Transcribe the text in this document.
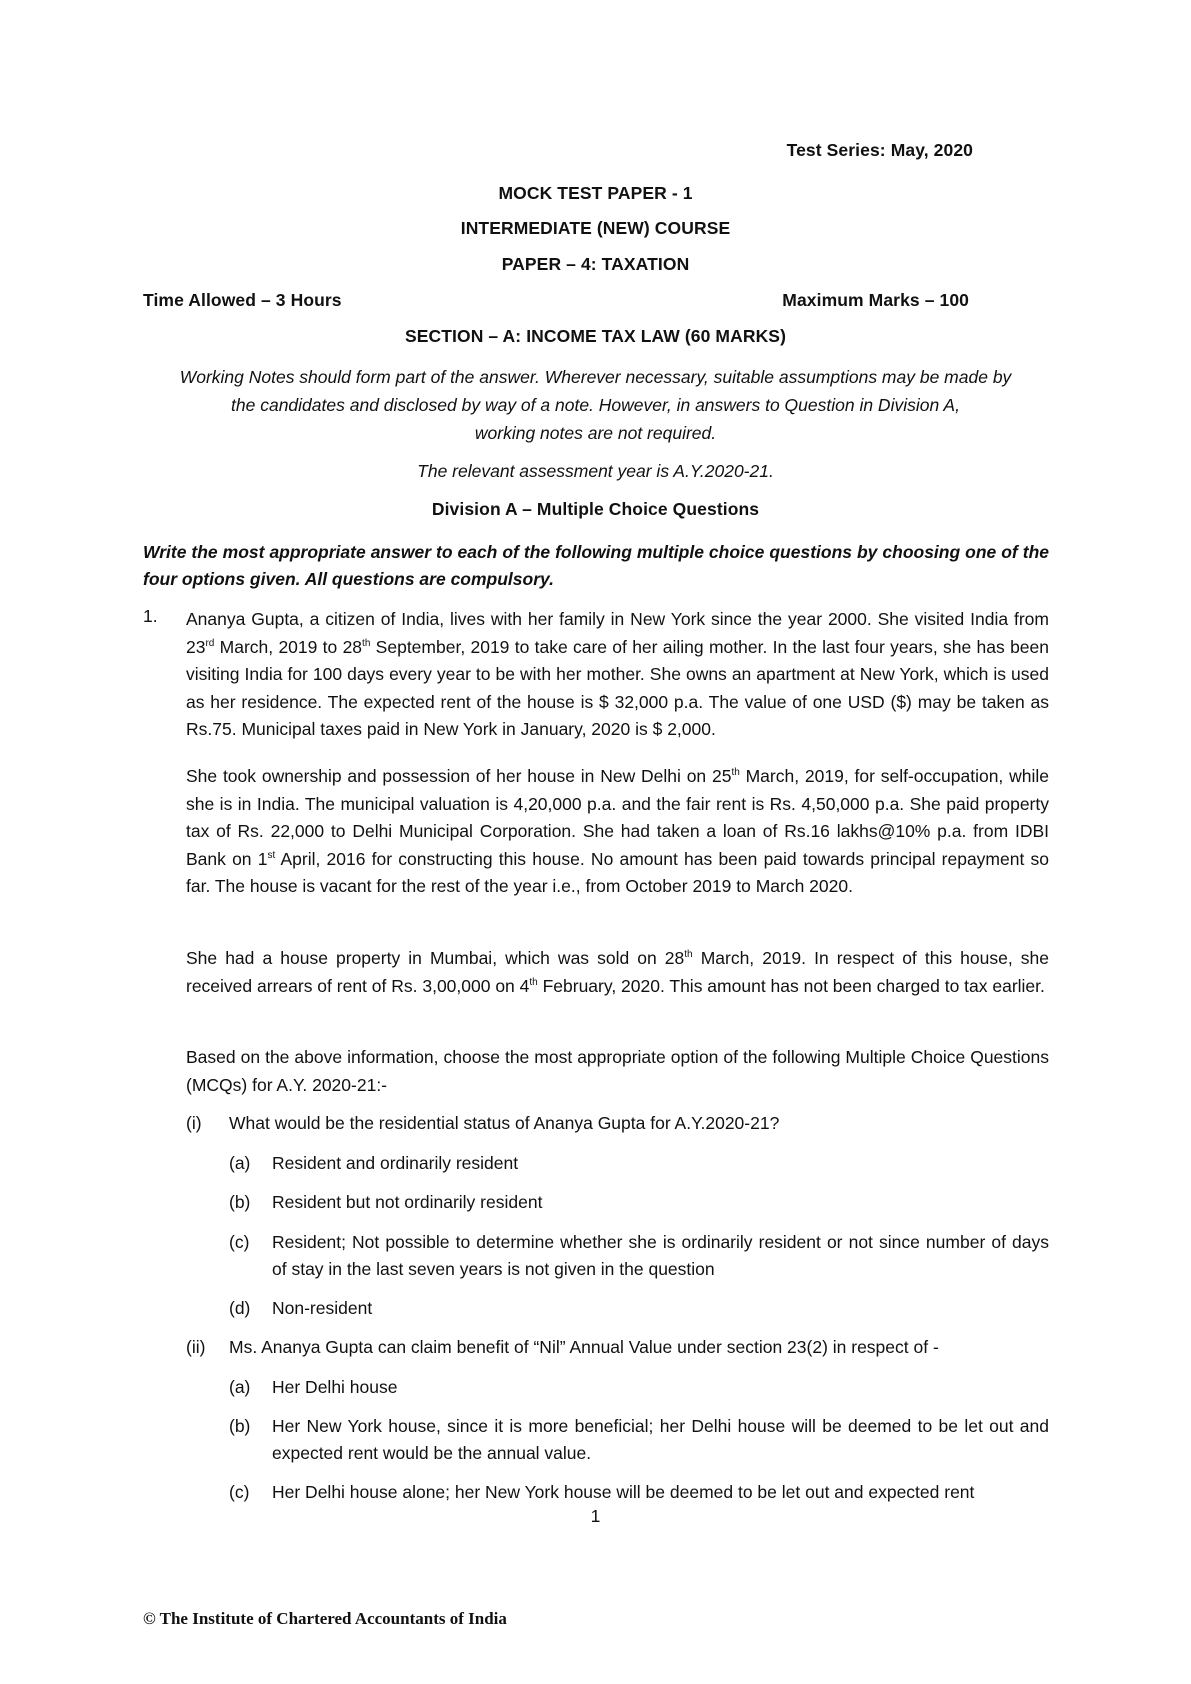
Test Series: May, 2020
MOCK TEST PAPER - 1
INTERMEDIATE (NEW) COURSE
PAPER – 4: TAXATION
Time Allowed – 3 Hours	Maximum Marks – 100
SECTION – A: INCOME TAX LAW (60 MARKS)
Working Notes should form part of the answer. Wherever necessary, suitable assumptions may be made by
the candidates and disclosed by way of a note. However, in answers to Question in Division A,
working notes are not required.
The relevant assessment year is A.Y.2020-21.
Division A – Multiple Choice Questions
Write the most appropriate answer to each of the following multiple choice questions by choosing one of the four options given. All questions are compulsory.
1. Ananya Gupta, a citizen of India, lives with her family in New York since the year 2000. She visited India from 23rd March, 2019 to 28th September, 2019 to take care of her ailing mother. In the last four years, she has been visiting India for 100 days every year to be with her mother. She owns an apartment at New York, which is used as her residence. The expected rent of the house is $ 32,000 p.a. The value of one USD ($) may be taken as Rs.75. Municipal taxes paid in New York in January, 2020 is $ 2,000.
She took ownership and possession of her house in New Delhi on 25th March, 2019, for self-occupation, while she is in India. The municipal valuation is 4,20,000 p.a. and the fair rent is Rs. 4,50,000 p.a. She paid property tax of Rs. 22,000 to Delhi Municipal Corporation. She had taken a loan of Rs.16 lakhs@10% p.a. from IDBI Bank on 1st April, 2016 for constructing this house. No amount has been paid towards principal repayment so far. The house is vacant for the rest of the year i.e., from October 2019 to March 2020.
She had a house property in Mumbai, which was sold on 28th March, 2019. In respect of this house, she received arrears of rent of Rs. 3,00,000 on 4th February, 2020. This amount has not been charged to tax earlier.
Based on the above information, choose the most appropriate option of the following Multiple Choice Questions (MCQs) for A.Y. 2020-21:-
(i) What would be the residential status of Ananya Gupta for A.Y.2020-21?
(a) Resident and ordinarily resident
(b) Resident but not ordinarily resident
(c) Resident; Not possible to determine whether she is ordinarily resident or not since number of days of stay in the last seven years is not given in the question
(d) Non-resident
(ii) Ms. Ananya Gupta can claim benefit of “Nil” Annual Value under section 23(2) in respect of -
(a) Her Delhi house
(b) Her New York house, since it is more beneficial; her Delhi house will be deemed to be let out and expected rent would be the annual value.
(c) Her Delhi house alone; her New York house will be deemed to be let out and expected rent
1
© The Institute of Chartered Accountants of India
